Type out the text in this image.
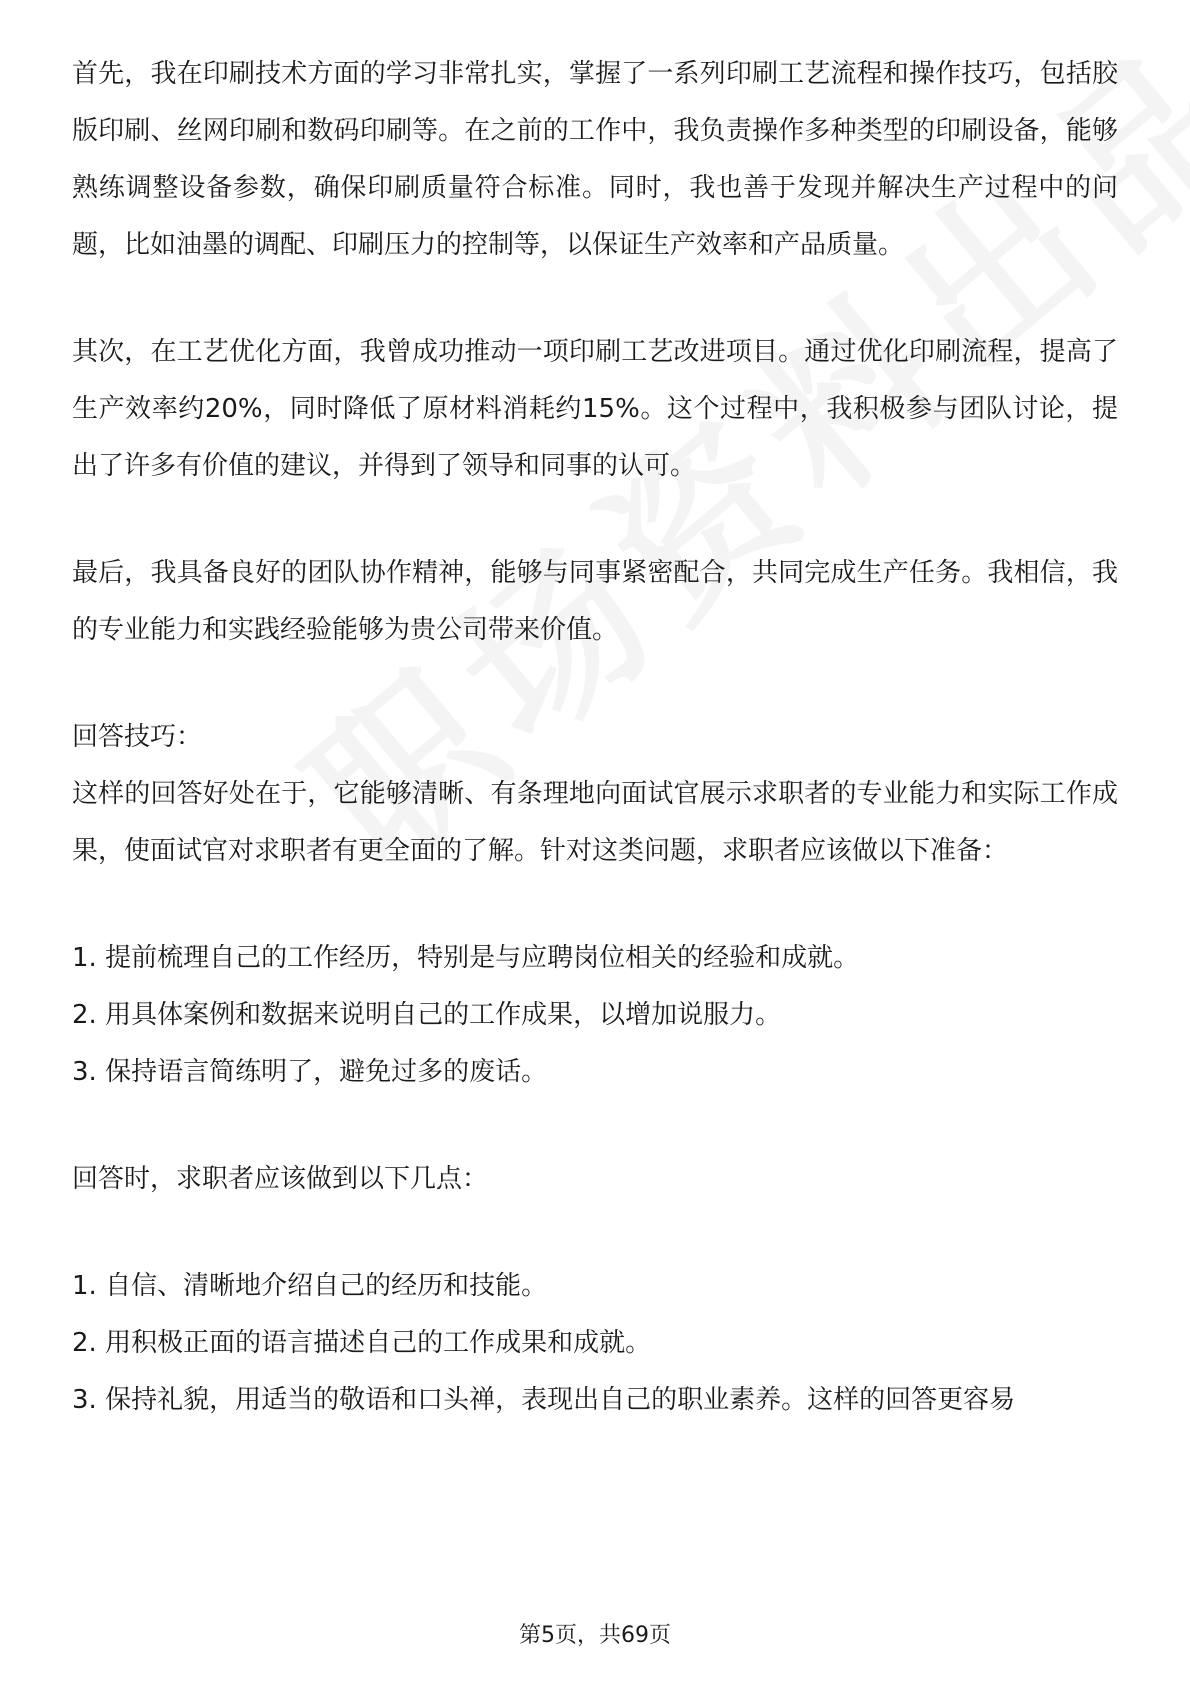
首先，我在印刷技术方面的学习非常扎实，掌握了一系列印刷工艺流程和操作技巧，包括胶版印刷、丝网印刷和数码印刷等。在之前的工作中，我负责操作多种类型的印刷设备，能够熟练调整设备参数，确保印刷质量符合标准。同时，我也善于发现并解决生产过程中的问题，比如油墨的调配、印刷压力的控制等，以保证生产效率和产品质量。

其次，在工艺优化方面，我曾成功推动一项印刷工艺改进项目。通过优化印刷流程，提高了生产效率约20%，同时降低了原材料消耗约15%。这个过程中，我积极参与团队讨论，提出了许多有价值的建议，并得到了领导和同事的认可。

最后，我具备良好的团队协作精神，能够与同事紧密配合，共同完成生产任务。我相信，我的专业能力和实践经验能够为贵公司带来价值。

回答技巧：

这样的回答好处在于，它能够清晰、有条理地向面试官展示求职者的专业能力和实际工作成果，使面试官对求职者有更全面的了解。针对这类问题，求职者应该做以下准备：

1. 提前梳理自己的工作经历，特别是与应聘岗位相关的经验和成就。

2. 用具体案例和数据来说明自己的工作成果，以增加说服力。

3. 保持语言简练明了，避免过多的废话。

回答时，求职者应该做到以下几点：

1. 自信、清晰地介绍自己的经历和技能。

2. 用积极正面的语言描述自己的工作成果和成就。

3. 保持礼貌，用适当的敬语和口头禅，表现出自己的职业素养。这样的回答更容易

第5页，共69页
